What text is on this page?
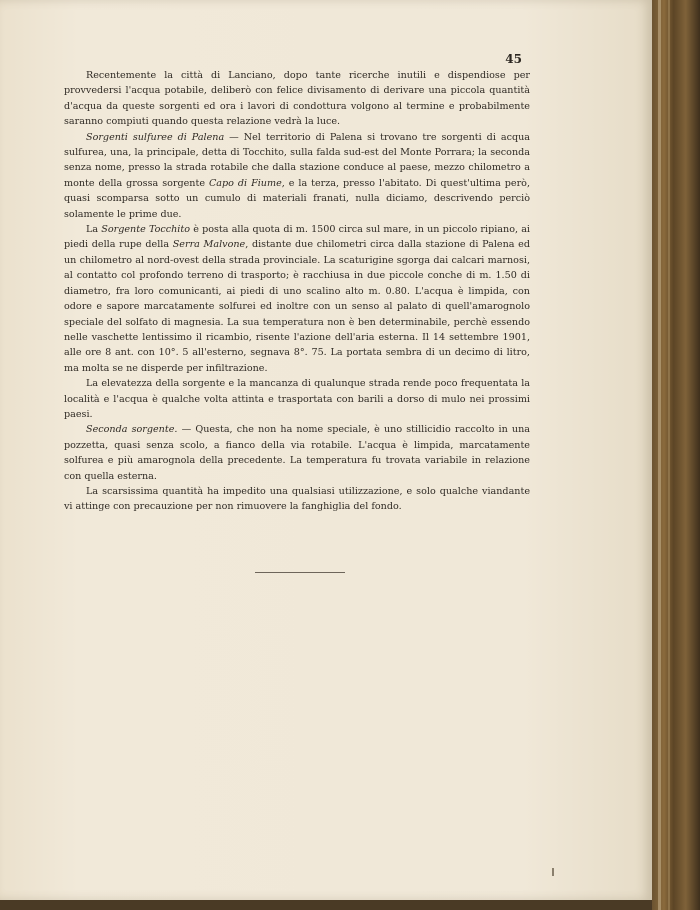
45

Recentemente la città di Lanciano, dopo tante ricerche inutili e dispendiose per provvedersi l'acqua potabile, deliberò con felice divisamento di derivare una piccola quantità d'acqua da queste sorgenti ed ora i lavori di condottura volgono al termine e probabilmente saranno compiuti quando questa relazione vedrà la luce.

Sorgenti sulfuree di Palena — Nel territorio di Palena si trovano tre sorgenti di acqua sulfurea, una, la principale, detta di Tocchito, sulla falda sud-est del Monte Porrara; la seconda senza nome, presso la strada rotabile che dalla stazione conduce al paese, mezzo chilometro a monte della grossa sorgente Capo di Fiume, e la terza, presso l'abitato. Di quest'ultima però, quasi scomparsa sotto un cumulo di materiali franati, nulla diciamo, descrivendo perciò solamente le prime due.

La Sorgente Tocchito è posta alla quota di m. 1500 circa sul mare, in un piccolo ripiano, ai piedi della rupe della Serra Malvone, distante due chilometri circa dalla stazione di Palena ed un chilometro al nord-ovest della strada provinciale. La scaturigine sgorga dai calcari marnosi, al contatto col profondo terreno di trasporto; è racchiusa in due piccole conche di m. 1.50 di diametro, fra loro comunicanti, ai piedi di uno scalino alto m. 0.80. L'acqua è limpida, con odore e sapore marcatamente solfurei ed inoltre con un senso al palato di quell'amarognolo speciale del solfato di magnesia. La sua temperatura non è ben determinabile, perchè essendo nelle vaschette lentissimo il ricambio, risente l'azione dell'aria esterna. Il 14 settembre 1901, alle ore 8 ant. con 10°. 5 all'esterno, segnava 8°. 75. La portata sembra di un decimo di litro, ma molta se ne disperde per infiltrazione.

La elevatezza della sorgente e la mancanza di qualunque strada rende poco frequentata la località e l'acqua è qualche volta attinta e trasportata con barili a dorso di mulo nei prossimi paesi.

Seconda sorgente. — Questa, che non ha nome speciale, è uno stillicidio raccolto in una pozzetta, quasi senza scolo, a fianco della via rotabile. L'acqua è limpida, marcatamente solfurea e più amarognola della precedente. La temperatura fu trovata variabile in relazione con quella esterna.

La scarsissima quantità ha impedito una qualsiasi utilizzazione, e solo qualche viandante vi attinge con precauzione per non rimuovere la fanghiglia del fondo.
